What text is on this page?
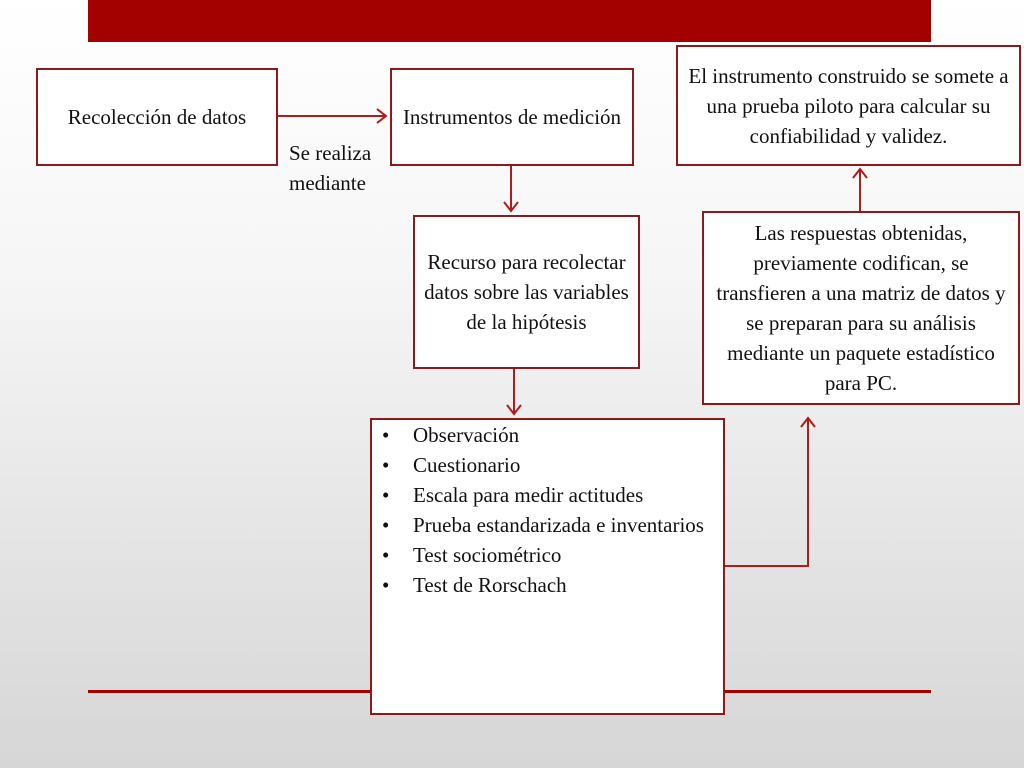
Recolección de datos	Instrumentos de medición
El instrumento construido se somete a una prueba piloto para calcular su confiabilidad y validez.
Recurso para recolectar datos sobre las variables de la hipótesis
Las respuestas obtenidas, previamente codifican, se transfieren a una matriz de datos y se preparan para su análisis mediante un paquete estadístico para PC.
• Observación
• Cuestionario
• Escala para medir actitudes
• Prueba estandarizada e inventarios
• Test sociométrico
• Test de Rorschach
Se realiza
mediante
